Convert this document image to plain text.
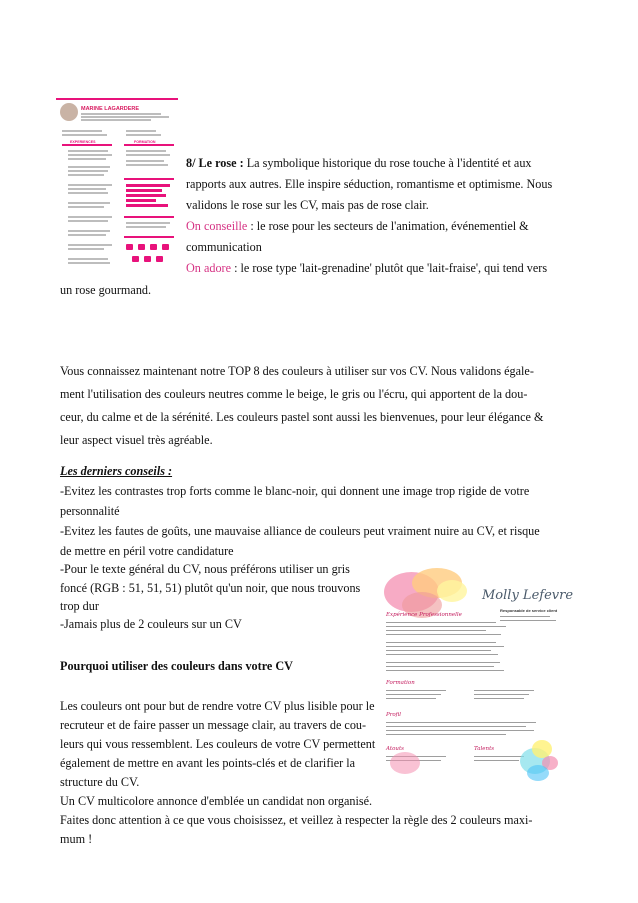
MARINE LAGARDERE
EXPERIENCES	FORMATION
8/ Le rose : La symbolique historique du rose touche à l'identité et aux
rapports aux autres. Elle inspire séduction, romantisme et optimisme. Nous
validons le rose sur les CV, mais pas de rose clair.
On conseille : le rose pour les secteurs de l'animation, événementiel &
communication
On adore : le rose type 'lait-grenadine' plutôt que 'lait-fraise', qui tend vers
un rose gourmand.
Vous connaissez maintenant notre TOP 8 des couleurs à utiliser sur vos CV. Nous validons égale-
ment l'utilisation des couleurs neutres comme le beige, le gris ou l'écru, qui apportent de la dou-
ceur, du calme et de la sérénité. Les couleurs pastel sont aussi les bienvenues, pour leur élégance &
leur aspect visuel très agréable.
Les derniers conseils :
-Evitez les contrastes trop forts comme le blanc-noir, qui donnent une image trop rigide de votre
personnalité
-Evitez les fautes de goûts, une mauvaise alliance de couleurs peut vraiment nuire au CV, et risque
de mettre en péril votre candidature
-Pour le texte général du CV, nous préférons utiliser un gris
foncé (RGB : 51, 51, 51) plutôt qu'un noir, que nous trouvons
trop dur
-Jamais plus de 2 couleurs sur un CV
Molly Lefevre
Responsable de service client
Expérience Professionnelle
Formation
Profil
Atouts	Talents
Pourquoi utiliser des couleurs dans votre CV
Les couleurs ont pour but de rendre votre CV plus lisible pour le
recruteur et de faire passer un message clair, au travers de cou-
leurs qui vous ressemblent. Les couleurs de votre CV permettent
également de mettre en avant les points-clés et de clarifier la
structure du CV.
Un CV multicolore annonce d'emblée un candidat non organisé.
Faites donc attention à ce que vous choisissez, et veillez à respecter la règle des 2 couleurs maxi-
mum !
